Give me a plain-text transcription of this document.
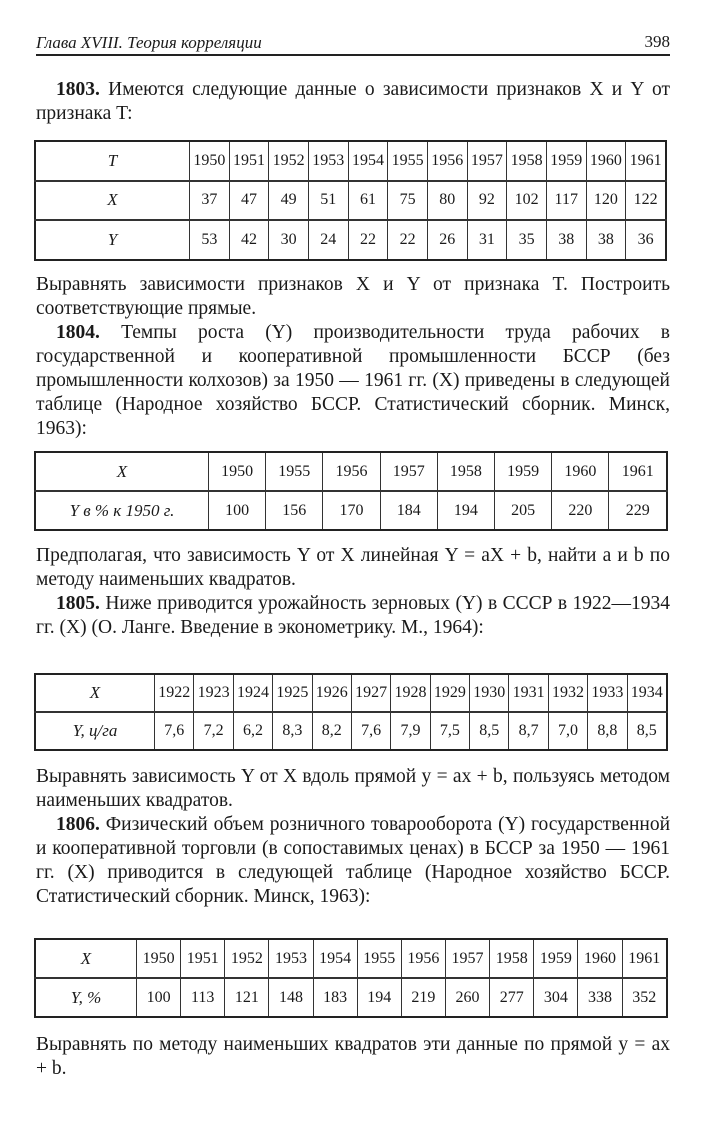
Глава XVIII. Теория корреляции	398
1803. Имеются следующие данные о зависимости признаков X и Y от признака T:
T	1950	1951	1952	1953	1954	1955	1956	1957	1958	1959	1960	1961
X	37	47	49	51	61	75	80	92	102	117	120	122
Y	53	42	30	24	22	22	26	31	35	38	38	36
Выравнять зависимости признаков X и Y от признака T. Построить соответствующие прямые.
1804. Темпы роста (Y) производительности труда рабочих в государственной и кооперативной промышленности БССР (без промышленности колхозов) за 1950 — 1961 гг. (X) приведены в следующей таблице (Народное хозяйство БССР. Статистический сборник. Минск, 1963):
X	1950	1955	1956	1957	1958	1959	1960	1961
Y в % к 1950 г.	100	156	170	184	194	205	220	229
Предполагая, что зависимость Y от X линейная Y = aX + b, найти a и b по методу наименьших квадратов.
1805. Ниже приводится урожайность зерновых (Y) в СССР в 1922—1934 гг. (X) (О. Ланге. Введение в эконометрику. М., 1964):
X	1922	1923	1924	1925	1926	1927	1928	1929	1930	1931	1932	1933	1934
Y, ц/га	7,6	7,2	6,2	8,3	8,2	7,6	7,9	7,5	8,5	8,7	7,0	8,8	8,5
Выравнять зависимость Y от X вдоль прямой y = ax + b, пользуясь методом наименьших квадратов.
1806. Физический объем розничного товарооборота (Y) государственной и кооперативной торговли (в сопоставимых ценах) в БССР за 1950 — 1961 гг. (X) приводится в следующей таблице (Народное хозяйство БССР. Статистический сборник. Минск, 1963):
X	1950	1951	1952	1953	1954	1955	1956	1957	1958	1959	1960	1961
Y, %	100	113	121	148	183	194	219	260	277	304	338	352
Выравнять по методу наименьших квадратов эти данные по прямой y = ax + b.
